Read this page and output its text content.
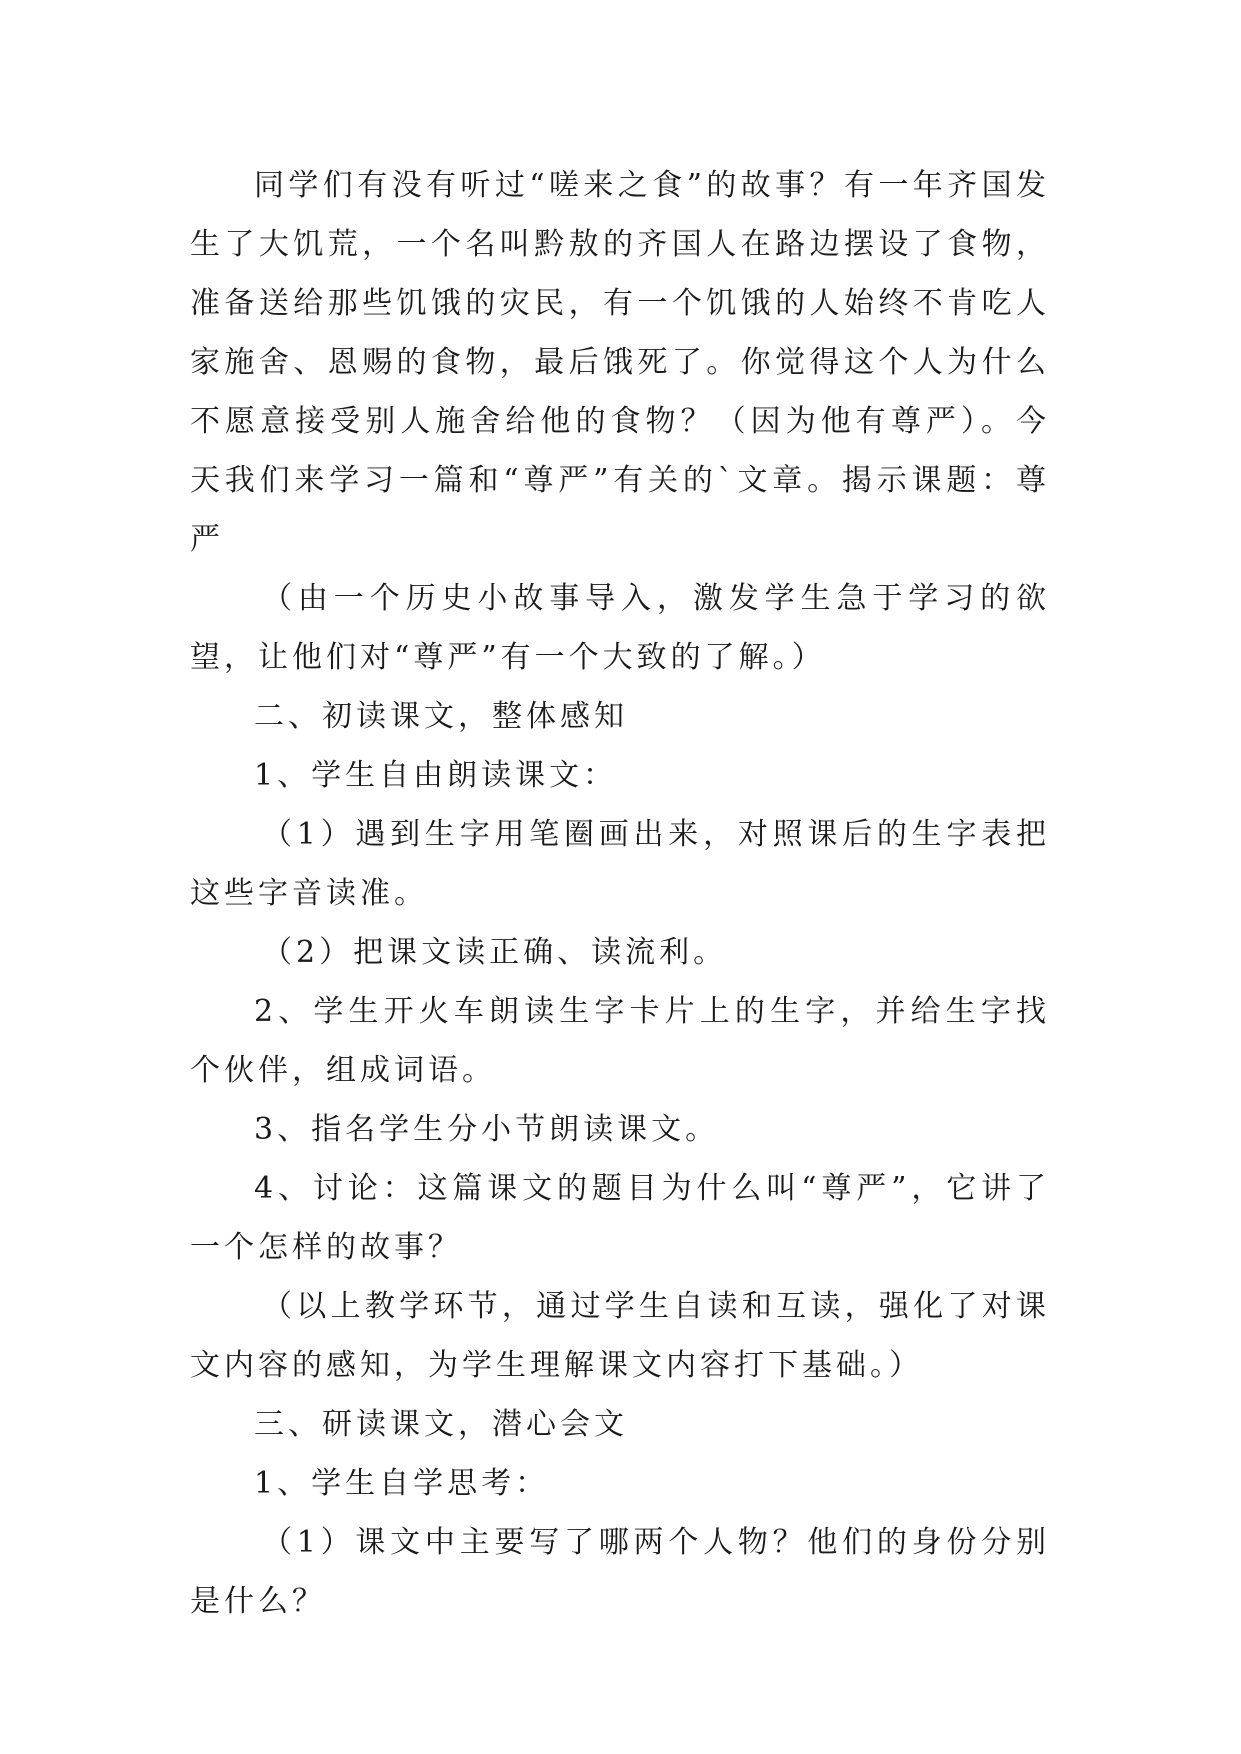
同学们有没有听过“嗟来之食”的故事？有一年齐国发生了大饥荒，一个名叫黔敖的齐国人在路边摆设了食物，准备送给那些饥饿的灾民，有一个饥饿的人始终不肯吃人家施舍、恩赐的食物，最后饿死了。你觉得这个人为什么不愿意接受别人施舍给他的食物？（因为他有尊严）。今天我们来学习一篇和“尊严”有关的`文章。揭示课题：尊严

（由一个历史小故事导入，激发学生急于学习的欲望，让他们对“尊严”有一个大致的了解。）

二、初读课文，整体感知

1、学生自由朗读课文：

（1）遇到生字用笔圈画出来，对照课后的生字表把这些字音读准。

（2）把课文读正确、读流利。

2、学生开火车朗读生字卡片上的生字，并给生字找个伙伴，组成词语。

3、指名学生分小节朗读课文。

4、讨论：这篇课文的题目为什么叫“尊严”，它讲了一个怎样的故事？

（以上教学环节，通过学生自读和互读，强化了对课文内容的感知，为学生理解课文内容打下基础。）

三、研读课文，潜心会文

1、学生自学思考：

（1）课文中主要写了哪两个人物？他们的身份分别是什么？
